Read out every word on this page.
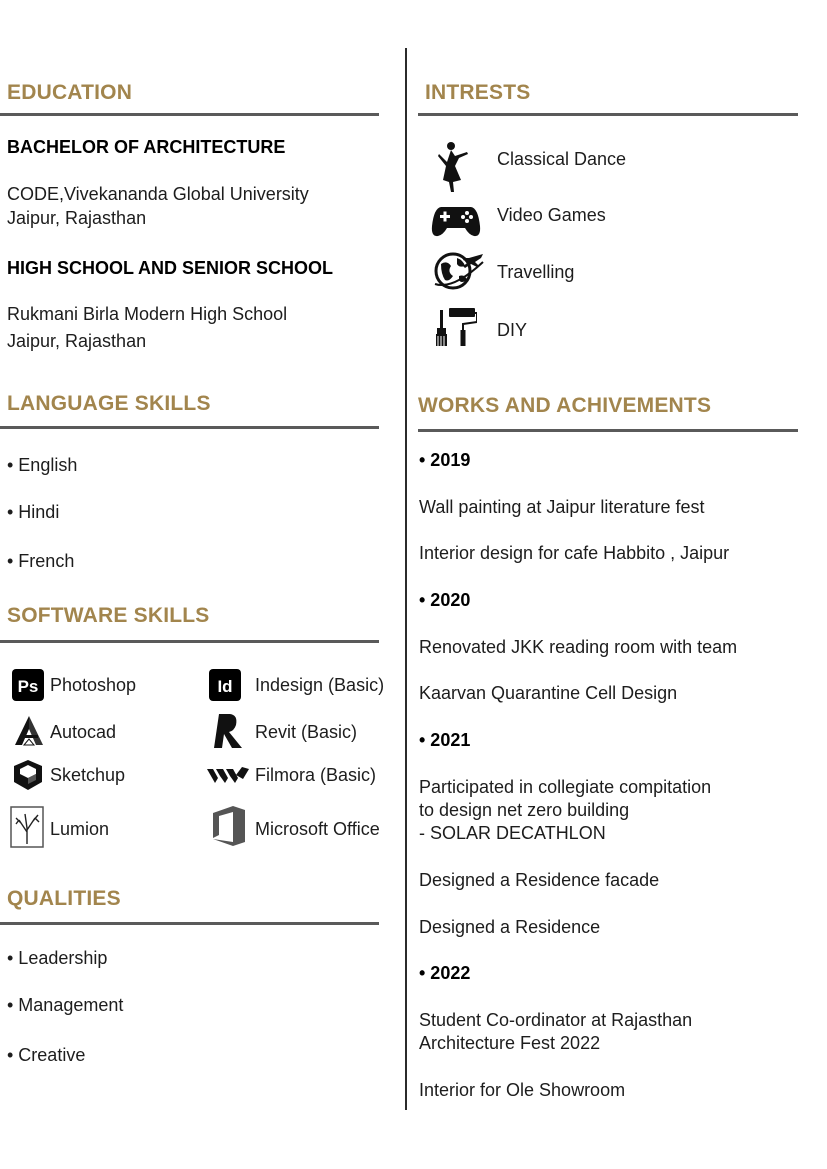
EDUCATION
BACHELOR OF ARCHITECTURE
CODE,Vivekananda Global University
Jaipur, Rajasthan
HIGH SCHOOL AND SENIOR SCHOOL
Rukmani Birla Modern High School
Jaipur, Rajasthan
LANGUAGE SKILLS
• English
• Hindi
• French
SOFTWARE SKILLS
Ps Photoshop
Autocad
Sketchup
Lumion
Id Indesign (Basic)
Revit (Basic)
Filmora (Basic)
Microsoft Office
QUALITIES
• Leadership
• Management
• Creative
INTRESTS
Classical Dance
Video Games
Travelling
DIY
WORKS AND ACHIVEMENTS
• 2019
Wall painting at Jaipur literature fest
Interior design for cafe Habbito , Jaipur
• 2020
Renovated JKK reading room with team
Kaarvan Quarantine Cell Design
• 2021
Participated in collegiate compitation
to design net zero building
- SOLAR DECATHLON
Designed a Residence facade
Designed a Residence
• 2022
Student Co-ordinator at Rajasthan
Architecture Fest 2022
Interior for Ole Showroom
